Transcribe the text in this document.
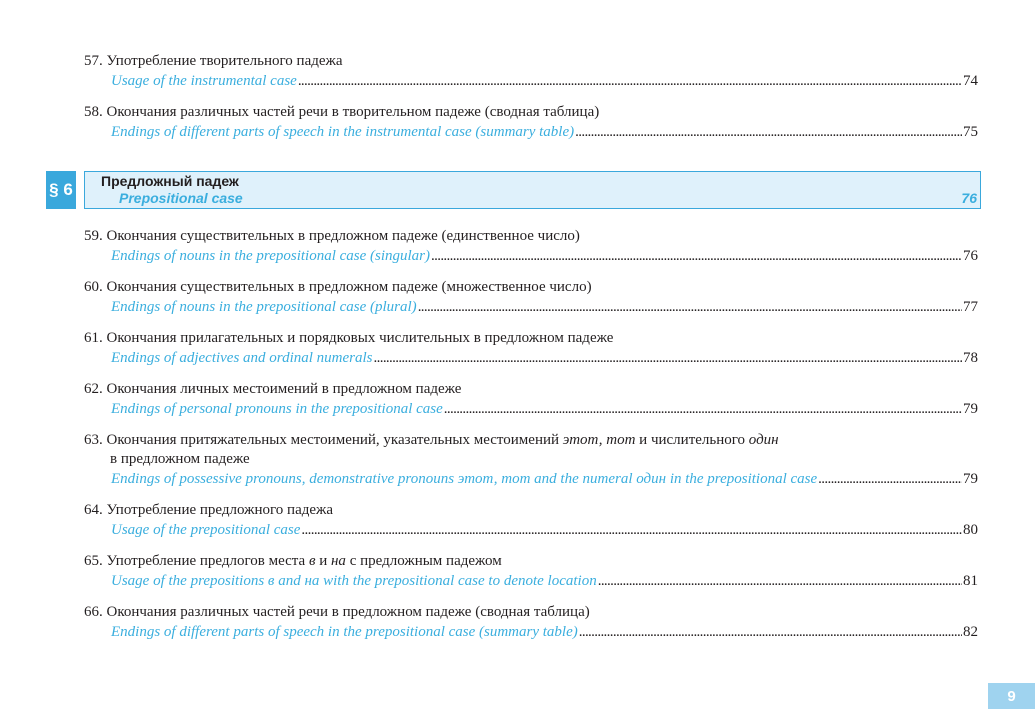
57. Употребление творительного падежа
Usage of the instrumental case . . .	74
58. Окончания различных частей речи в творительном падеже (сводная таблица)
Endings of different parts of speech in the instrumental case (summary table) . . .	75
§ 6 Предложный падеж
Prepositional case	76
59. Окончания существительных в предложном падеже (единственное число)
Endings of nouns in the prepositional case (singular) . . .	76
60. Окончания существительных в предложном падеже (множественное число)
Endings of nouns in the prepositional case (plural) . . .	77
61. Окончания прилагательных и порядковых числительных в предложном падеже
Endings of adjectives and ordinal numerals . . .	78
62. Окончания личных местоимений в предложном падеже
Endings of personal pronouns in the prepositional case . . .	79
63. Окончания притяжательных местоимений, указательных местоимений этот, тот и числительного один
в предложном падеже
Endings of possessive pronouns, demonstrative pronouns этот, тот and the numeral один in the prepositional case . . .	79
64. Употребление предложного падежа
Usage of the prepositional case . . .	80
65. Употребление предлогов места в и на с предложным падежом
Usage of the prepositions в and на with the prepositional case to denote location . . .	81
66. Окончания различных частей речи в предложном падеже (сводная таблица)
Endings of different parts of speech in the prepositional case (summary table) . . .	82
9
